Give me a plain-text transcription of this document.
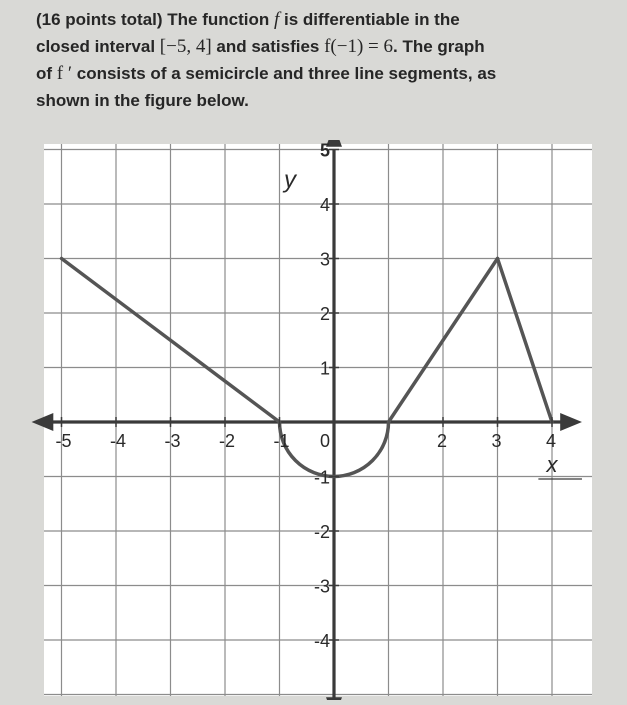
(16 points total) The function f is differentiable in the
closed interval [−5, 4] and satisfies f(−1) = 6. The graph
of f ′ consists of a semicircle and three line segments, as
shown in the figure below.
x
y
-5 -4 -3 -2 -1 0	2 3 4
5
4
3
2
1
-1
-2
-3
-4
